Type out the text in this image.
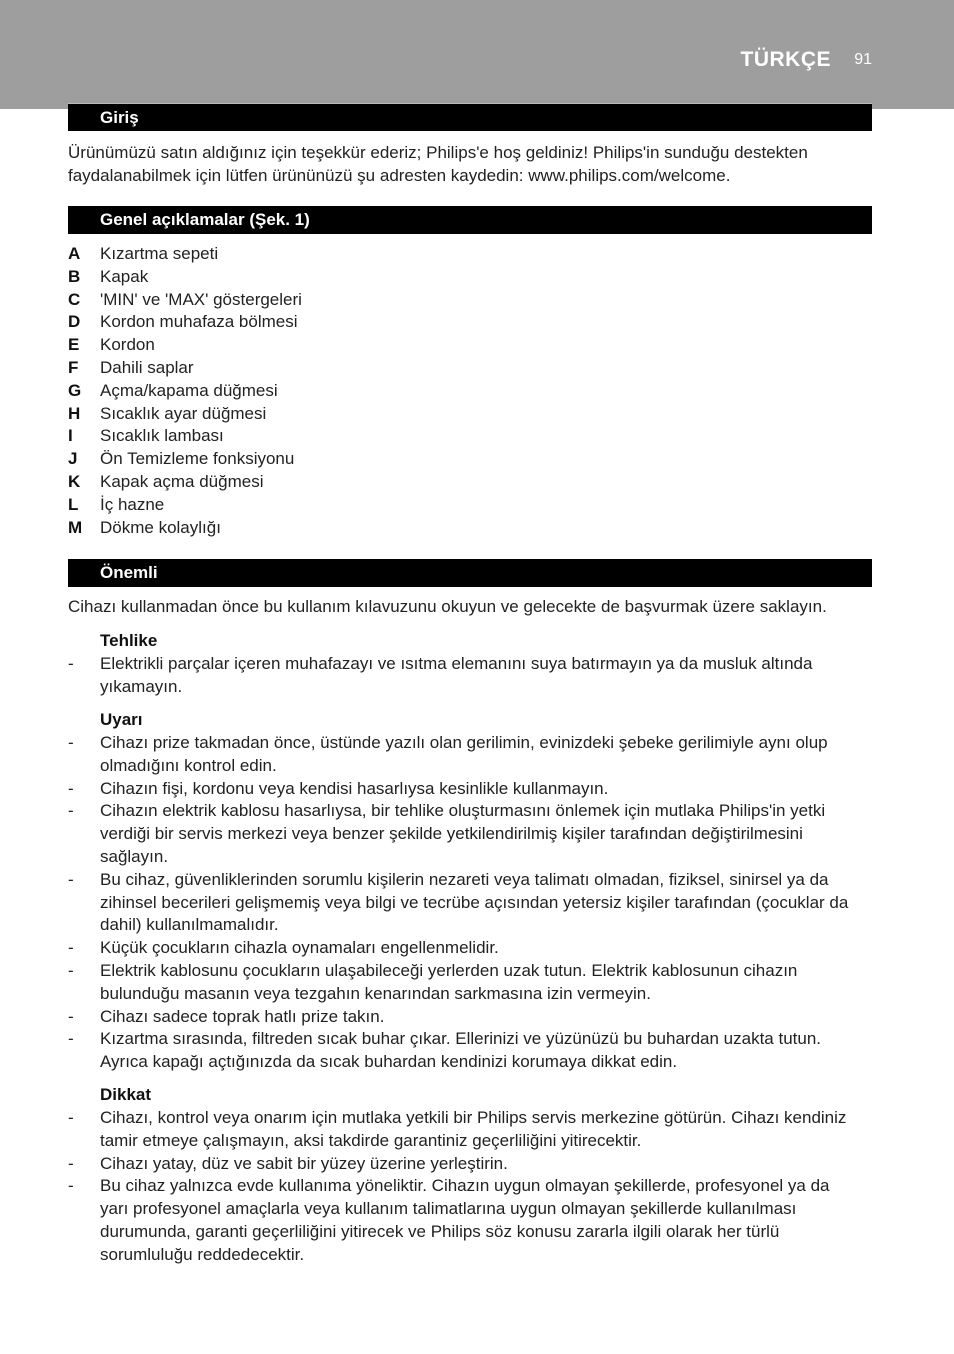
TÜRKÇE 91
Giriş
Ürünümüzü satın aldığınız için teşekkür ederiz; Philips'e hoş geldiniz! Philips'in sunduğu destekten faydalanabilmek için lütfen ürününüzü şu adresten kaydedin: www.philips.com/welcome.
Genel açıklamalar (Şek. 1)
A	Kızartma sepeti
B	Kapak
C	'MIN' ve 'MAX' göstergeleri
D	Kordon muhafaza bölmesi
E	Kordon
F	Dahili saplar
G	Açma/kapama düğmesi
H	Sıcaklık ayar düğmesi
I	Sıcaklık lambası
J	Ön Temizleme fonksiyonu
K	Kapak açma düğmesi
L	İç hazne
M	Dökme kolaylığı
Önemli
Cihazı kullanmadan önce bu kullanım kılavuzunu okuyun ve gelecekte de başvurmak üzere saklayın.
Tehlike
-	Elektrikli parçalar içeren muhafazayı ve ısıtma elemanını suya batırmayın ya da musluk altında yıkamayın.
Uyarı
-	Cihazı prize takmadan önce, üstünde yazılı olan gerilimin, evinizdeki şebeke gerilimiyle aynı olup olmadığını kontrol edin.
-	Cihazın fişi, kordonu veya kendisi hasarlıysa kesinlikle kullanmayın.
-	Cihazın elektrik kablosu hasarlıysa, bir tehlike oluşturmasını önlemek için mutlaka Philips'in yetki verdiği bir servis merkezi veya benzer şekilde yetkilendirilmiş kişiler tarafından değiştirilmesini sağlayın.
-	Bu cihaz, güvenliklerinden sorumlu kişilerin nezareti veya talimatı olmadan, fiziksel, sinirsel ya da zihinsel becerileri gelişmemiş veya bilgi ve tecrübe açısından yetersiz kişiler tarafından (çocuklar da dahil) kullanılmamalıdır.
-	Küçük çocukların cihazla oynamaları engellenmelidir.
-	Elektrik kablosunu çocukların ulaşabileceği yerlerden uzak tutun. Elektrik kablosunun cihazın bulunduğu masanın veya tezgahın kenarından sarkmasına izin vermeyin.
-	Cihazı sadece toprak hatlı prize takın.
-	Kızartma sırasında, filtreden sıcak buhar çıkar. Ellerinizi ve yüzünüzü bu buhardan uzakta tutun. Ayrıca kapağı açtığınızda da sıcak buhardan kendinizi korumaya dikkat edin.
Dikkat
-	Cihazı, kontrol veya onarım için mutlaka yetkili bir Philips servis merkezine götürün. Cihazı kendiniz tamir etmeye çalışmayın, aksi takdirde garantiniz geçerliliğini yitirecektir.
-	Cihazı yatay, düz ve sabit bir yüzey üzerine yerleştirin.
-	Bu cihaz yalnızca evde kullanıma yöneliktir. Cihazın uygun olmayan şekillerde, profesyonel ya da yarı profesyonel amaçlarla veya kullanım talimatlarına uygun olmayan şekillerde kullanılması durumunda, garanti geçerliliğini yitirecek ve Philips söz konusu zararla ilgili olarak her türlü sorumluluğu reddedecektir.
